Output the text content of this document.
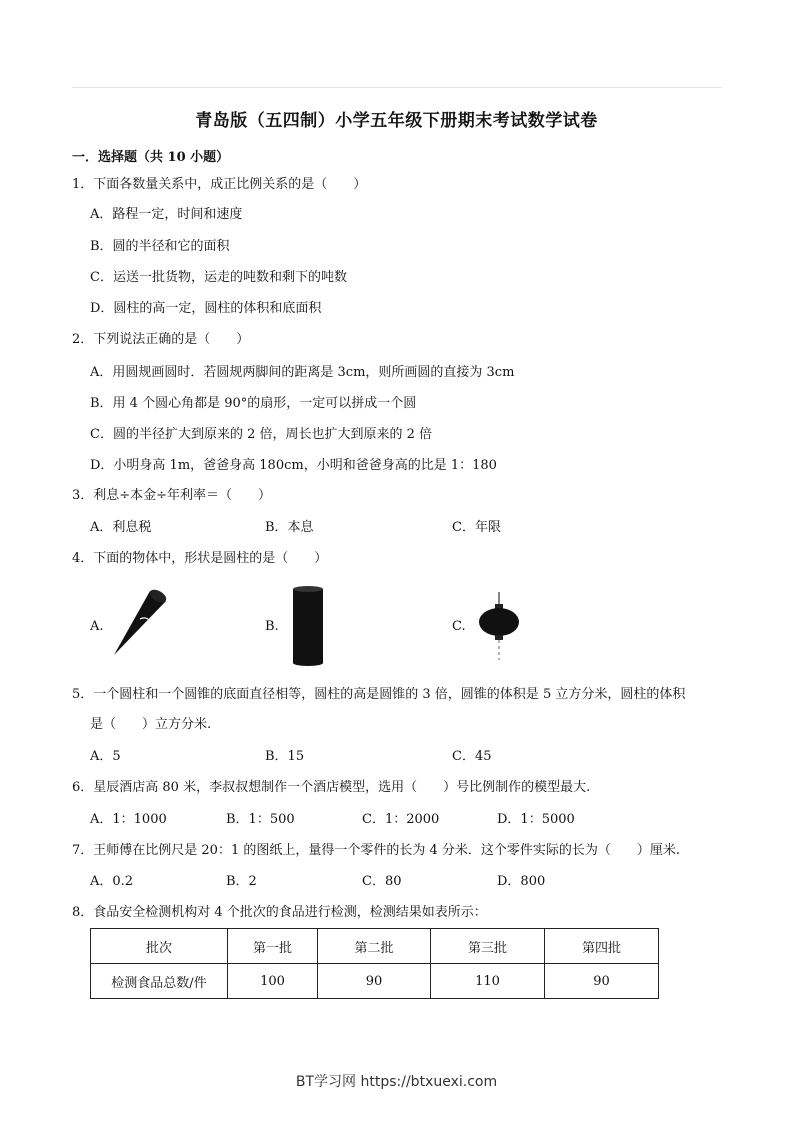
青岛版（五四制）小学五年级下册期末考试数学试卷
一．选择题（共 10 小题）
1．下面各数量关系中，成正比例关系的是（　　）
A．路程一定，时间和速度
B．圆的半径和它的面积
C．运送一批货物，运走的吨数和剩下的吨数
D．圆柱的高一定，圆柱的体积和底面积
2．下列说法正确的是（　　）
A．用圆规画圆时．若圆规两脚间的距离是 3cm，则所画圆的直接为 3cm
B．用 4 个圆心角都是 90°的扇形，一定可以拼成一个圆
C．圆的半径扩大到原来的 2 倍，周长也扩大到原来的 2 倍
D．小明身高 1m，爸爸身高 180cm，小明和爸爸身高的比是 1：180
3．利息÷本金÷年利率＝（　　）
A．利息税	B．本息	C．年限
4．下面的物体中，形状是圆柱的是（　　）
A.	B.	C.
5．一个圆柱和一个圆锥的底面直径相等，圆柱的高是圆锥的 3 倍，圆锥的体积是 5 立方分米，圆柱的体积
是（　　）立方分米.
A．5	B．15	C．45
6．星辰酒店高 80 米，李叔叔想制作一个酒店模型，选用（　　）号比例制作的模型最大.
A．1：1000	B．1：500	C．1：2000	D．1：5000
7．王师傅在比例尺是 20：1 的图纸上，量得一个零件的长为 4 分米．这个零件实际的长为（　　）厘米.
A．0.2	B．2	C．80	D．800
8．食品安全检测机构对 4 个批次的食品进行检测，检测结果如表所示：
批次	第一批	第二批	第三批	第四批
检测食品总数/件	100	90	110	90
BT学习网 https://btxuexi.com
